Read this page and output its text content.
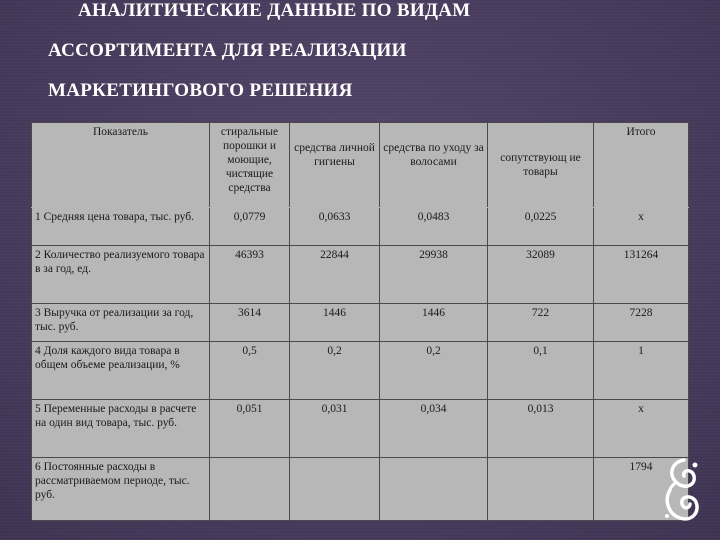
АНАЛИТИЧЕСКИЕ ДАННЫЕ ПО ВИДАМ
АССОРТИМЕНТА ДЛЯ РЕАЛИЗАЦИИ
МАРКЕТИНГОВОГО РЕШЕНИЯ
Показатель	стиральные порошки и моющие, чистящие средства	средства личной гигиены	средства по уходу за волосами	сопутствующ ие товары	Итого
1 Средняя цена товара, тыс. руб.	0,0779	0,0633	0,0483	0,0225	x
2 Количество реализуемого товара в за год, ед.	46393	22844	29938	32089	131264
3 Выручка от реализации за год, тыс. руб.	3614	1446	1446	722	7228
4 Доля каждого вида товара в общем объеме реализации, %	0,5	0,2	0,2	0,1	1
5 Переменные расходы в расчете на один вид товара, тыс. руб.	0,051	0,031	0,034	0,013	x
6 Постоянные расходы в рассматриваемом периоде, тыс. руб.					1794
